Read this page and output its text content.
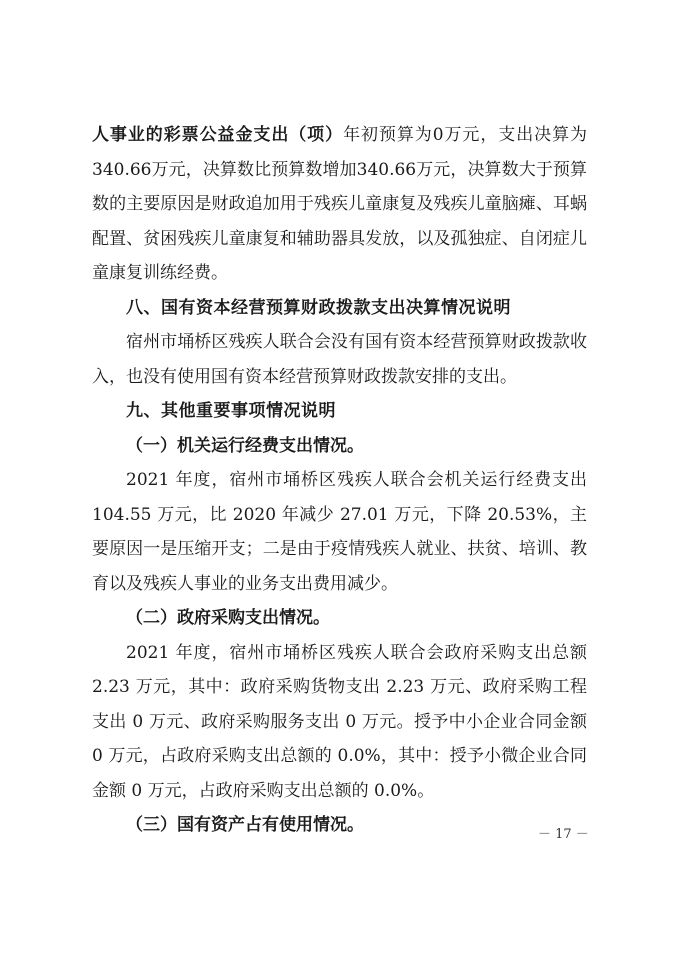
人事业的彩票公益金支出（项）年初预算为0万元，支出决算为340.66万元，决算数比预算数增加340.66万元，决算数大于预算数的主要原因是财政追加用于残疾儿童康复及残疾儿童脑瘫、耳蜗配置、贫困残疾儿童康复和辅助器具发放，以及孤独症、自闭症儿童康复训练经费。

八、国有资本经营预算财政拨款支出决算情况说明

宿州市埇桥区残疾人联合会没有国有资本经营预算财政拨款收入，也没有使用国有资本经营预算财政拨款安排的支出。

九、其他重要事项情况说明

（一）机关运行经费支出情况。

2021 年度，宿州市埇桥区残疾人联合会机关运行经费支出 104.55 万元，比 2020 年减少 27.01 万元，下降 20.53%，主要原因一是压缩开支；二是由于疫情残疾人就业、扶贫、培训、教育以及残疾人事业的业务支出费用减少。

（二）政府采购支出情况。

2021 年度，宿州市埇桥区残疾人联合会政府采购支出总额 2.23 万元，其中：政府采购货物支出 2.23 万元、政府采购工程支出 0 万元、政府采购服务支出 0 万元。授予中小企业合同金额 0 万元，占政府采购支出总额的 0.0%，其中：授予小微企业合同金额 0 万元，占政府采购支出总额的 0.0%。

（三）国有资产占有使用情况。	－ 17 －
